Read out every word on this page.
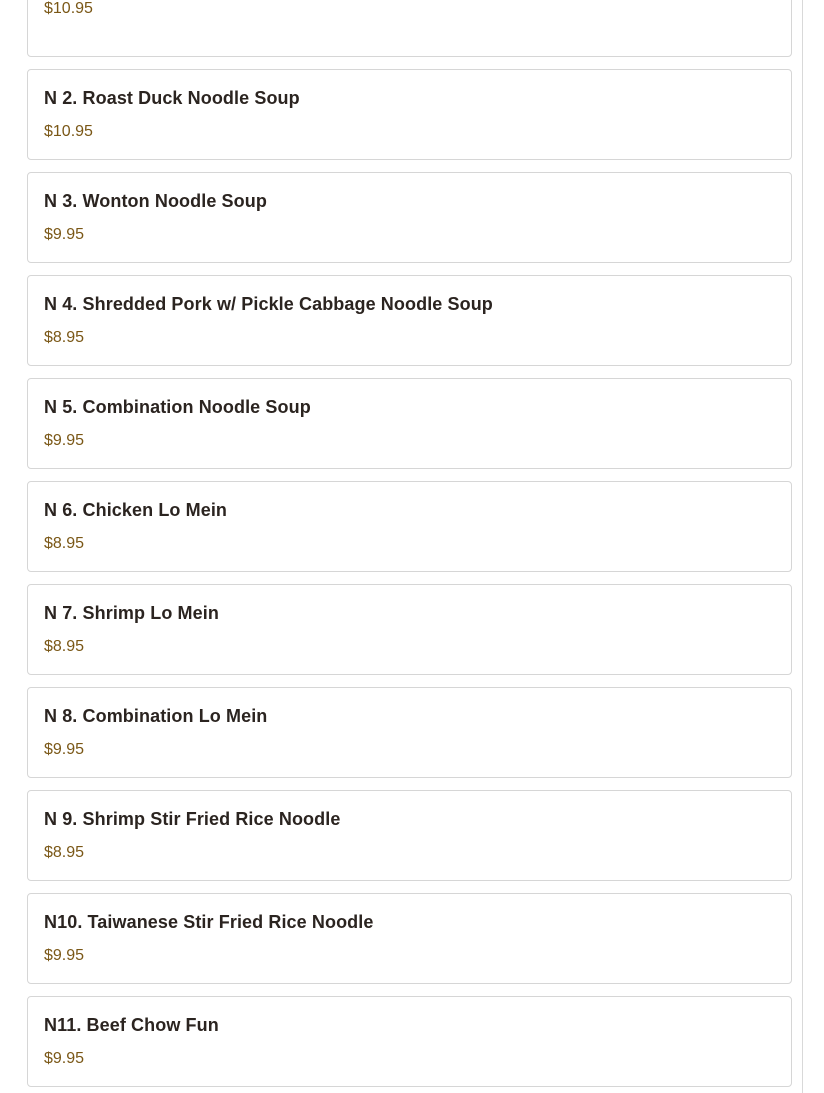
$10.95
N 2. Roast Duck Noodle Soup
$10.95
N 3. Wonton Noodle Soup
$9.95
N 4. Shredded Pork w/ Pickle Cabbage Noodle Soup
$8.95
N 5. Combination Noodle Soup
$9.95
N 6. Chicken Lo Mein
$8.95
N 7. Shrimp Lo Mein
$8.95
N 8. Combination Lo Mein
$9.95
N 9. Shrimp Stir Fried Rice Noodle
$8.95
N10. Taiwanese Stir Fried Rice Noodle
$9.95
N11. Beef Chow Fun
$9.95
